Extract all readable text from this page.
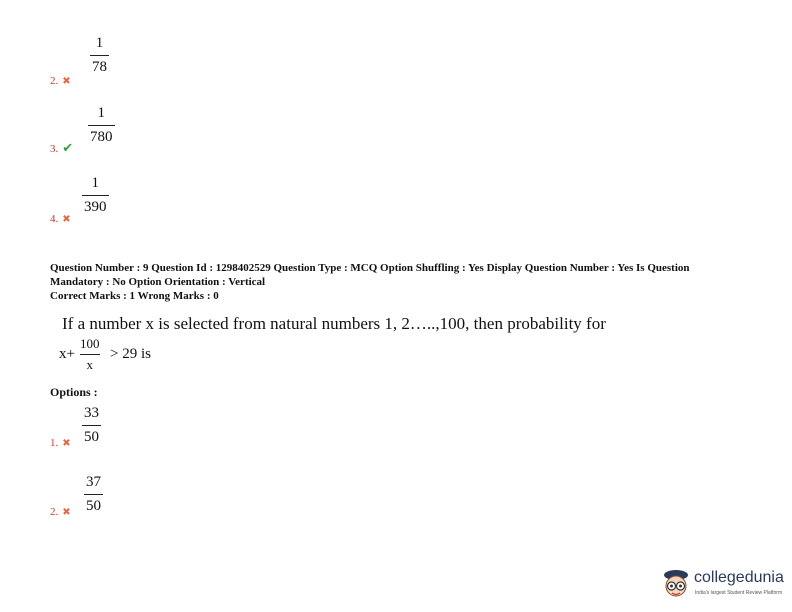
1
78
2. ✖
1
780
3. ✔
1
390
4. ✖
Question Number : 9 Question Id : 1298402529 Question Type : MCQ Option Shuffling : Yes Display Question Number : Yes Is Question
Mandatory : No Option Orientation : Vertical
Correct Marks : 1 Wrong Marks : 0
If a number x is selected from natural numbers 1, 2…..,100, then probability for
x+
100
x
> 29 is
Options :
33
50
1. ✖
37
50
2. ✖
collegedunia
India's largest Student Review Platform
